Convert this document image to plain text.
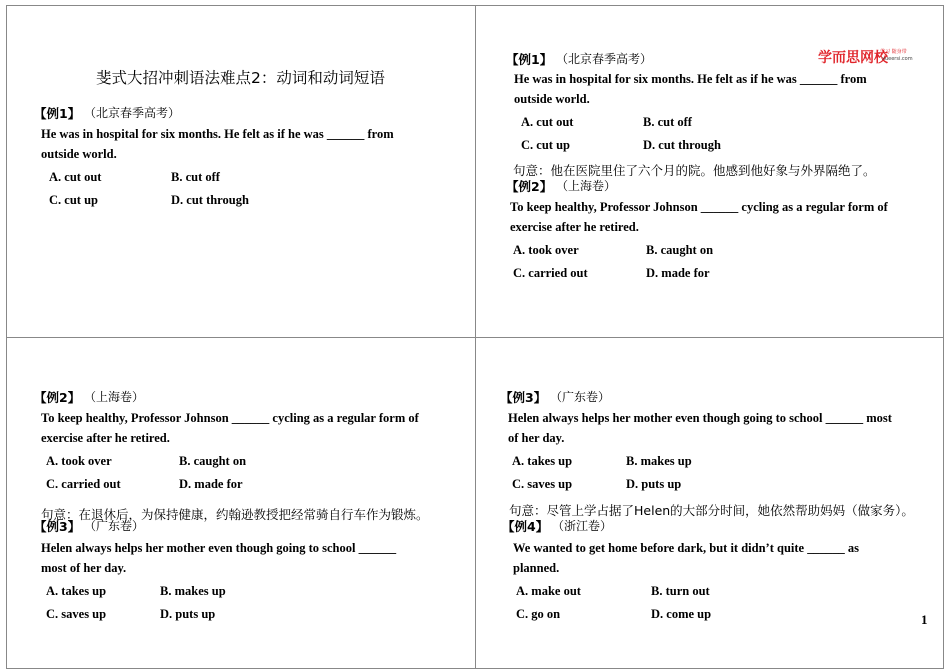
斐式大招冲刺语法难点2：动词和动词短语
【例1】 （北京春季高考）
He was in hospital for six months. He felt as if he was ______ from
outside world.
A. cut out	B. cut off
C. cut up	D. cut through
学而思网校
学习 随身带
xueersi.com
【例1】 （北京春季高考）
He was in hospital for six months. He felt as if he was ______ from
outside world.
A. cut out	B. cut off
C. cut up	D. cut through
句意：他在医院里住了六个月的院。他感到他好象与外界隔绝了。
【例2】 （上海卷）
To keep healthy, Professor Johnson ______ cycling as a regular form of
exercise after he retired.
A. took over	B. caught on
C. carried out	D. made for
【例2】 （上海卷）
To keep healthy, Professor Johnson ______ cycling as a regular form of
exercise after he retired.
A. took over	B. caught on
C. carried out	D. made for
句意：在退休后，为保持健康，约翰逊教授把经常骑自行车作为锻炼。
【例3】 （广东卷）
Helen always helps her mother even though going to school ______
most of her day.
A. takes up	B. makes up
C. saves up	D. puts up
【例3】 （广东卷）
Helen always helps her mother even though going to school ______ most
of her day.
A. takes up	B. makes up
C. saves up	D. puts up
句意：尽管上学占据了Helen的大部分时间，她依然帮助妈妈（做家务）。
【例4】 （浙江卷）
We wanted to get home before dark, but it didn’t quite ______ as
planned.
A. make out	B. turn out
C. go on	D. come up	1
